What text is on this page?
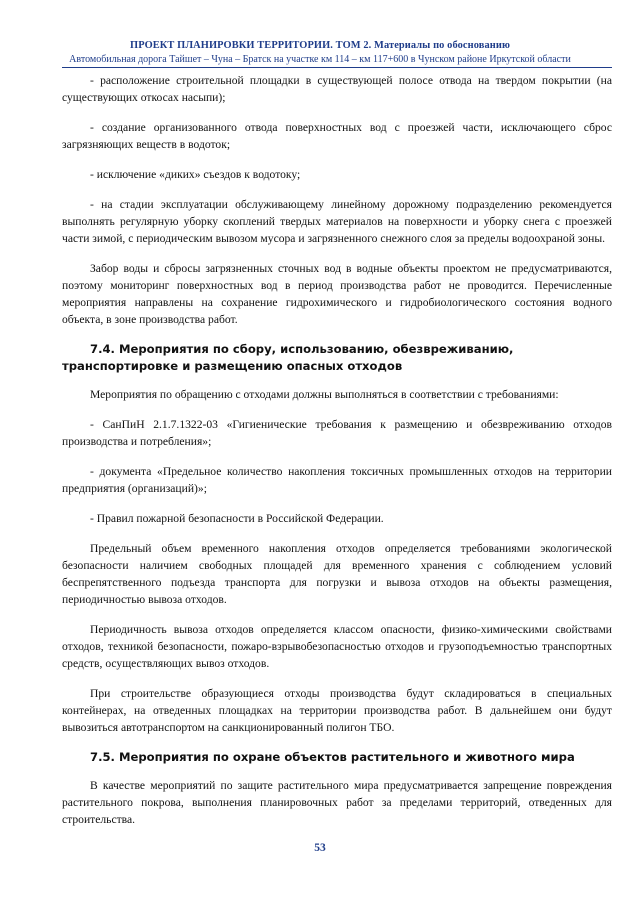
ПРОЕКТ ПЛАНИРОВКИ ТЕРРИТОРИИ. ТОМ 2. Материалы по обоснованию
Автомобильная дорога Тайшет – Чуна – Братск на участке км 114 – км 117+600 в Чунском районе Иркутской области

- расположение строительной площадки в существующей полосе отвода на твердом покрытии (на существующих откосах насыпи);

- создание организованного отвода поверхностных вод с проезжей части, исключающего сброс загрязняющих веществ в водоток;

- исключение «диких» съездов к водотоку;

- на стадии эксплуатации обслуживающему линейному дорожному подразделению рекомендуется выполнять регулярную уборку скоплений твердых материалов на поверхности и уборку снега с проезжей части зимой, с периодическим вывозом мусора и загрязненного снежного слоя за пределы водоохраной зоны.

Забор воды и сбросы загрязненных сточных вод в водные объекты проектом не предусматриваются, поэтому мониторинг поверхностных вод в период производства работ не проводится. Перечисленные мероприятия направлены на сохранение гидрохимического и гидробиологического состояния водного объекта, в зоне производства работ.

7.4. Мероприятия по сбору, использованию, обезвреживанию, транспортировке и размещению опасных отходов

Мероприятия по обращению с отходами должны выполняться в соответствии с требованиями:

- СанПиН 2.1.7.1322-03 «Гигиенические требования к размещению и обезвреживанию отходов производства и потребления»;

- документа «Предельное количество накопления токсичных промышленных отходов на территории предприятия (организаций)»;

- Правил пожарной безопасности в Российской Федерации.

Предельный объем временного накопления отходов определяется требованиями экологической безопасности наличием свободных площадей для временного хранения с соблюдением условий беспрепятственного подъезда транспорта для погрузки и вывоза отходов на объекты размещения, периодичностью вывоза отходов.

Периодичность вывоза отходов определяется классом опасности, физико-химическими свойствами отходов, техникой безопасности, пожаро-взрывобезопасностью отходов и грузоподъемностью транспортных средств, осуществляющих вывоз отходов.

При строительстве образующиеся отходы производства будут складироваться в специальных контейнерах, на отведенных площадках на территории производства работ. В дальнейшем они будут вывозиться автотранспортом на санкционированный полигон ТБО.

7.5. Мероприятия по охране объектов растительного и животного мира

В качестве мероприятий по защите растительного мира предусматривается запрещение повреждения растительного покрова, выполнения планировочных работ за пределами территорий, отведенных для строительства.

53
